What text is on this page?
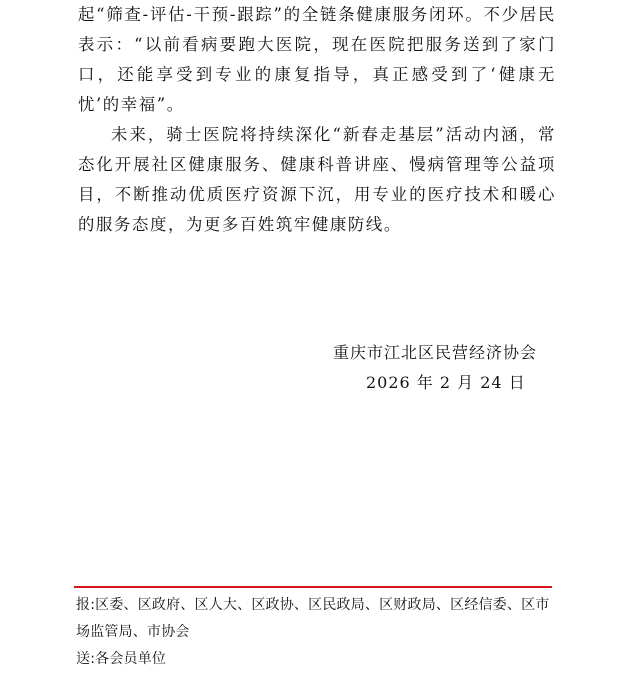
起“筛查-评估-干预-跟踪”的全链条健康服务闭环。不少居民表示：“以前看病要跑大医院，现在医院把服务送到了家门口，还能享受到专业的康复指导，真正感受到了‘健康无忧’的幸福”。

未来，骑士医院将持续深化“新春走基层”活动内涵，常态化开展社区健康服务、健康科普讲座、慢病管理等公益项目，不断推动优质医疗资源下沉，用专业的医疗技术和暖心的服务态度，为更多百姓筑牢健康防线。

重庆市江北区民营经济协会
2026 年 2 月 24 日
报:区委、区政府、区人大、区政协、区民政局、区财政局、区经信委、区市场监管局、市协会
送:各会员单位
